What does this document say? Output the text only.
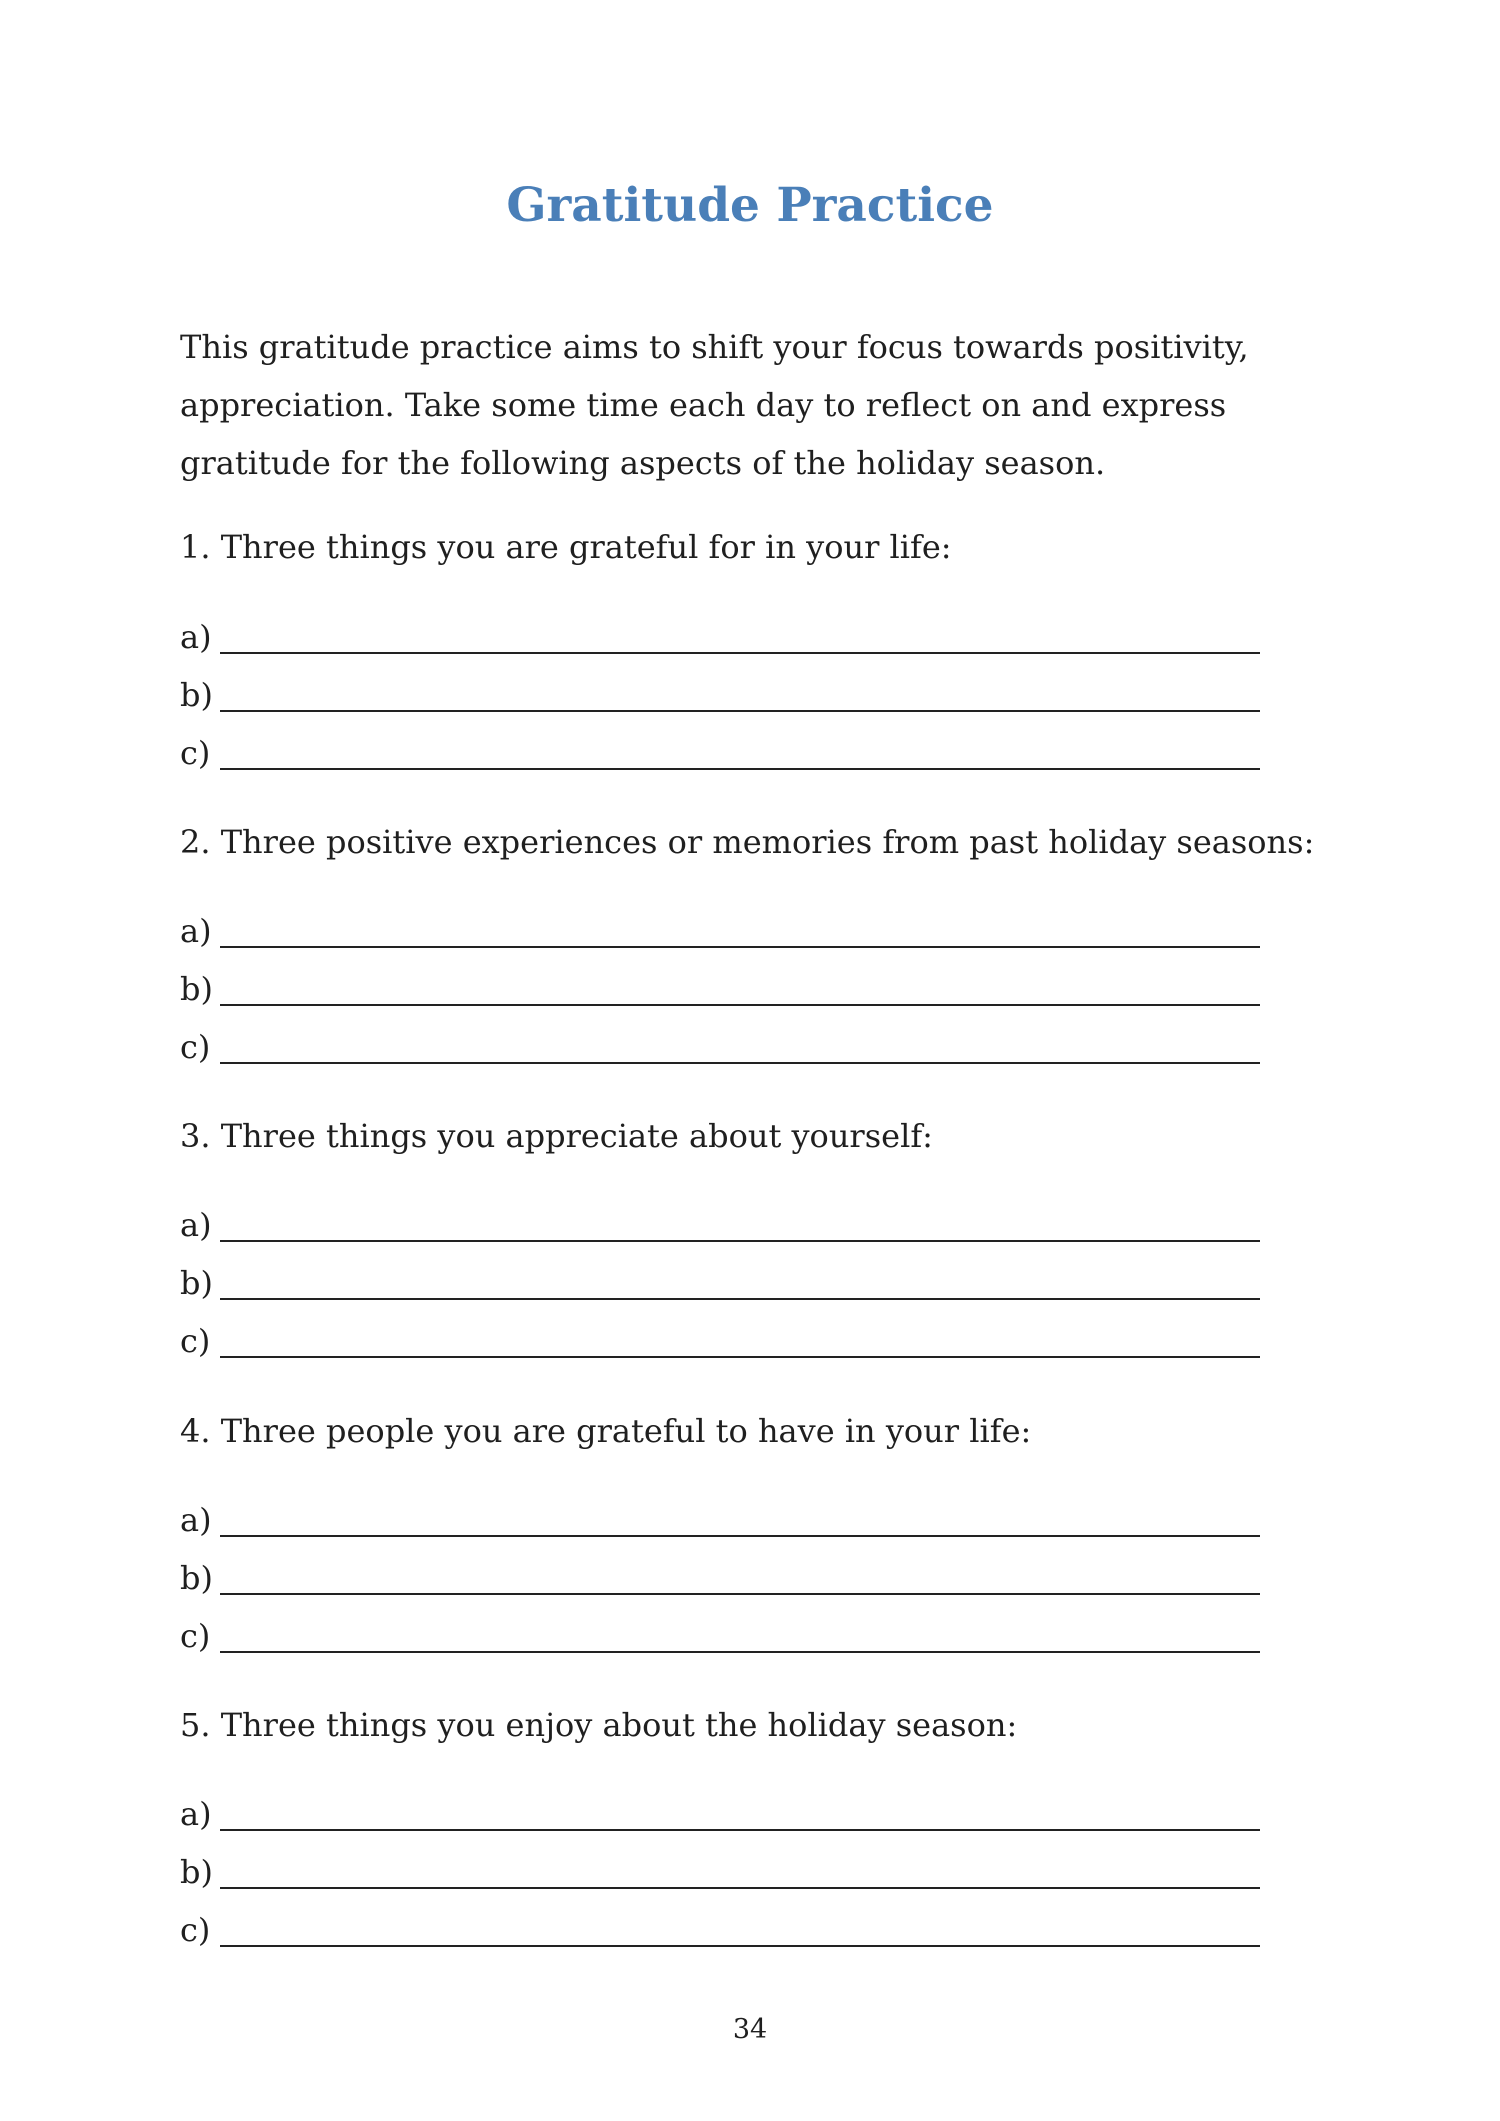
Gratitude Practice

This gratitude practice aims to shift your focus towards positivity, appreciation. Take some time each day to reflect on and express gratitude for the following aspects of the holiday season.

1. Three things you are grateful for in your life:

a)
b)
c)

2. Three positive experiences or memories from past holiday seasons:

a)
b)
c)

3. Three things you appreciate about yourself:

a)
b)
c)

4. Three people you are grateful to have in your life:

a)
b)
c)

5. Three things you enjoy about the holiday season:

a)
b)
c)

34
